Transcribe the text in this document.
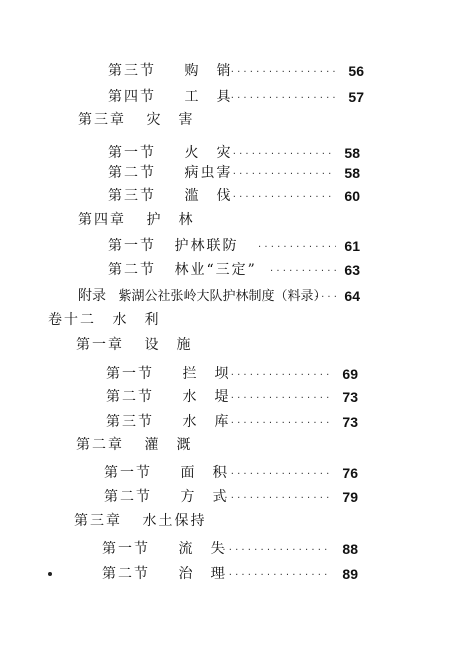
第三节 购　销 · · ·	56
第四节 工　具 · · ·	57
第三章 灾　害
第一节 火　灾 · · ·	58
第二节 病虫害 · · ·	58
第三节 滥　伐 · · ·	60
第四章 护　林
第一节 护林联防 · · ·	61
第二节 林业“三定” · · ·	63
附录 紫湖公社张岭大队护林制度（料录） · · · 64
卷十二 水　利
第一章 设　施
第一节 拦　坝 · · ·	69
第二节 水　堤 · · ·	73
第三节 水　库 · · ·	73
第二章 灌　溉
第一节 面　积 · · ·	76
第二节 方　式 · · ·	79
第三章 水土保持
第一节 流　失 · · ·	88
第二节 治　理 · · ·	89
